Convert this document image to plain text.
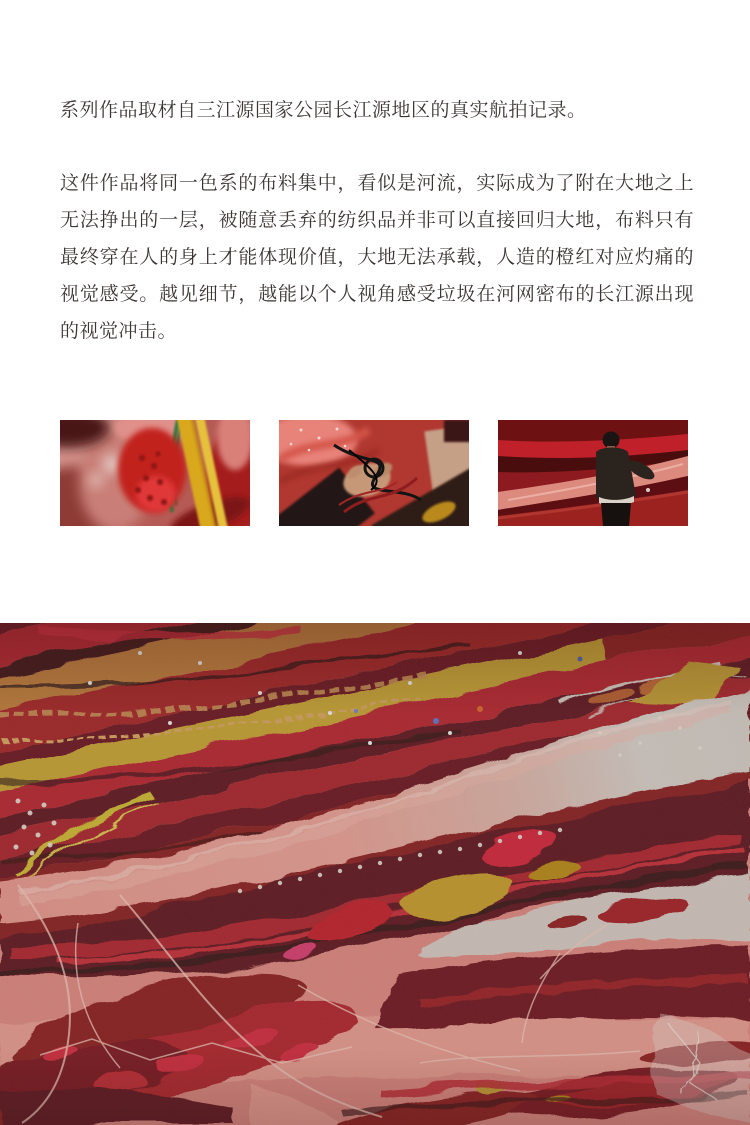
系列作品取材自三江源国家公园长江源地区的真实航拍记录。

这件作品将同一色系的布料集中，看似是河流，实际成为了附在大地之上无法挣出的一层，被随意丢弃的纺织品并非可以直接回归大地，布料只有最终穿在人的身上才能体现价值，大地无法承载，人造的橙红对应灼痛的视觉感受。越见细节，越能以个人视角感受垃圾在河网密布的长江源出现的视觉冲击。
